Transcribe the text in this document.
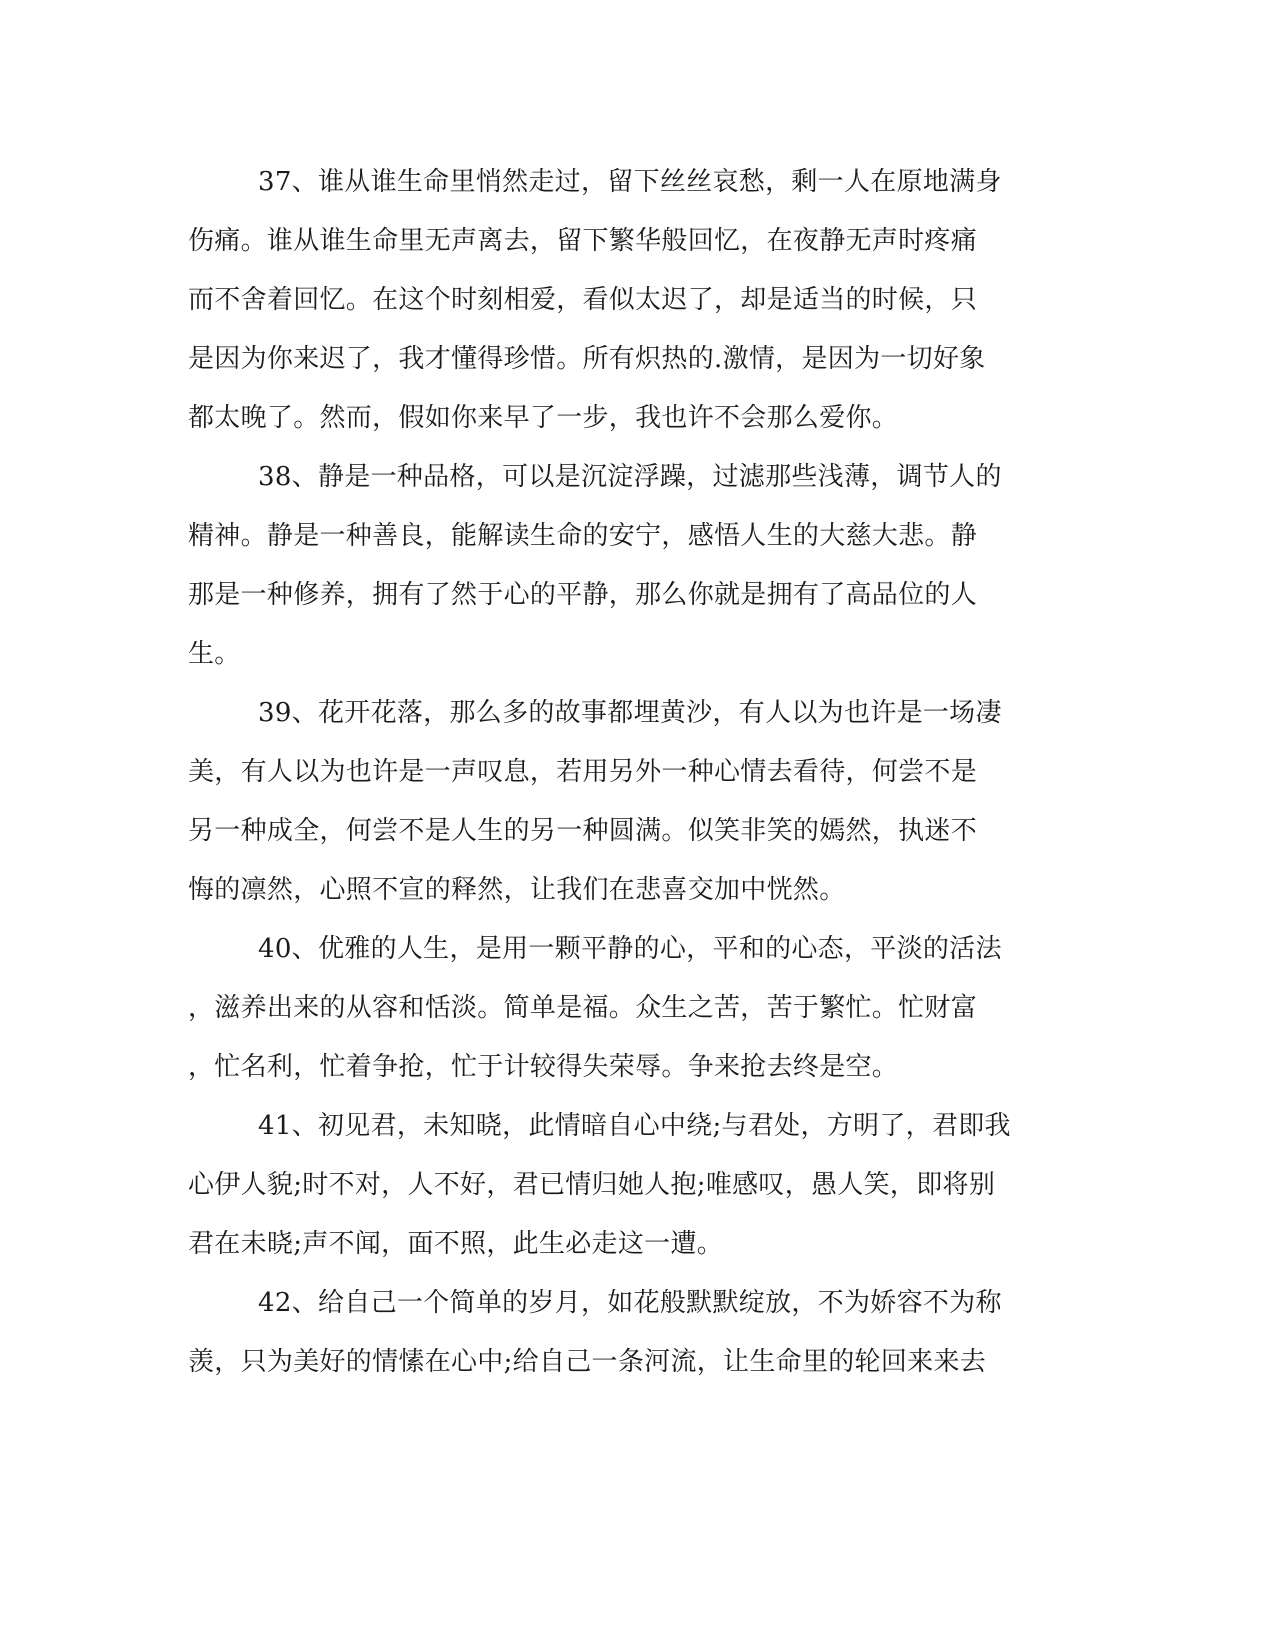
37、谁从谁生命里悄然走过，留下丝丝哀愁，剩一人在原地满身
伤痛。谁从谁生命里无声离去，留下繁华般回忆，在夜静无声时疼痛
而不舍着回忆。在这个时刻相爱，看似太迟了，却是适当的时候，只
是因为你来迟了，我才懂得珍惜。所有炽热的.激情，是因为一切好象
都太晚了。然而，假如你来早了一步，我也许不会那么爱你。
38、静是一种品格，可以是沉淀浮躁，过滤那些浅薄，调节人的
精神。静是一种善良，能解读生命的安宁，感悟人生的大慈大悲。静
那是一种修养，拥有了然于心的平静，那么你就是拥有了高品位的人
生。
39、花开花落，那么多的故事都埋黄沙，有人以为也许是一场凄
美，有人以为也许是一声叹息，若用另外一种心情去看待，何尝不是
另一种成全，何尝不是人生的另一种圆满。似笑非笑的嫣然，执迷不
悔的凛然，心照不宣的释然，让我们在悲喜交加中恍然。
40、优雅的人生，是用一颗平静的心，平和的心态，平淡的活法
，滋养出来的从容和恬淡。简单是福。众生之苦，苦于繁忙。忙财富
，忙名利，忙着争抢，忙于计较得失荣辱。争来抢去终是空。
41、初见君，未知晓，此情暗自心中绕;与君处，方明了，君即我
心伊人貌;时不对，人不好，君已情归她人抱;唯感叹，愚人笑，即将别
君在未晓;声不闻，面不照，此生必走这一遭。
42、给自己一个简单的岁月，如花般默默绽放，不为娇容不为称
羡，只为美好的情愫在心中;给自己一条河流，让生命里的轮回来来去
